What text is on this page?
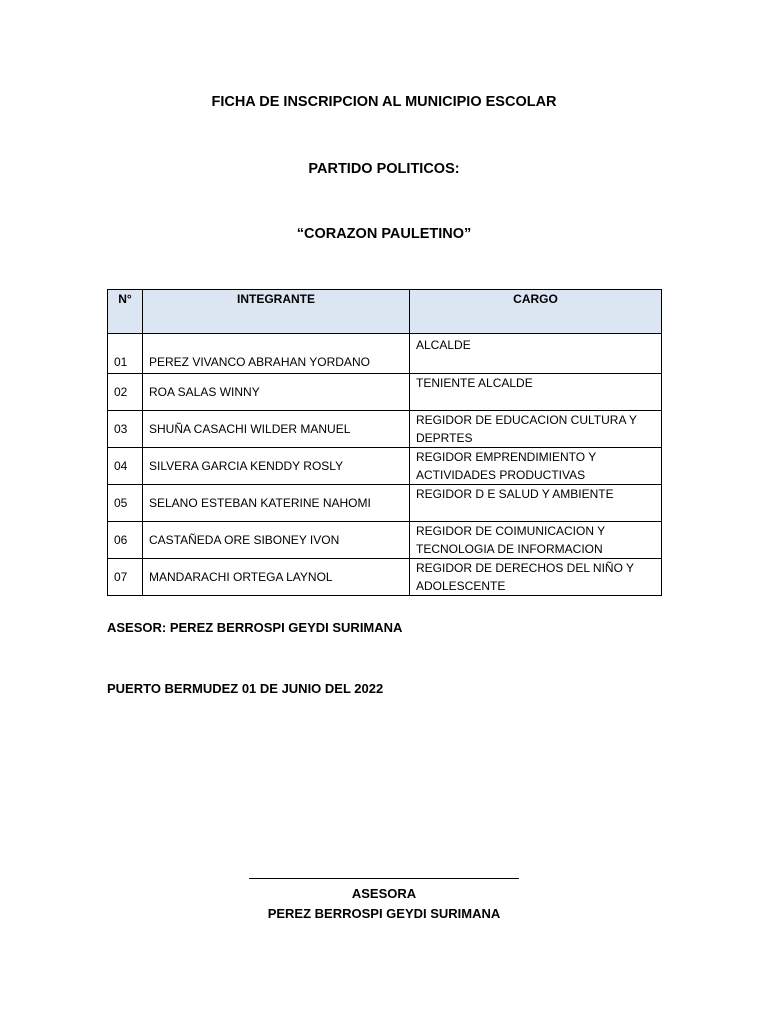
FICHA DE INSCRIPCION AL MUNICIPIO ESCOLAR
PARTIDO POLITICOS:
“CORAZON PAULETINO”
N°	INTEGRANTE	CARGO
01	PEREZ VIVANCO ABRAHAN YORDANO	ALCALDE
02	ROA SALAS WINNY	TENIENTE ALCALDE
03	SHUÑA CASACHI WILDER MANUEL	REGIDOR DE EDUCACION CULTURA Y DEPRTES
04	SILVERA GARCIA KENDDY ROSLY	REGIDOR EMPRENDIMIENTO Y ACTIVIDADES PRODUCTIVAS
05	SELANO ESTEBAN KATERINE NAHOMI	REGIDOR D E SALUD Y AMBIENTE
06	CASTAÑEDA ORE SIBONEY IVON	REGIDOR DE COIMUNICACION Y TECNOLOGIA DE INFORMACION
07	MANDARACHI ORTEGA LAYNOL	REGIDOR DE DERECHOS DEL NIÑO Y ADOLESCENTE
ASESOR: PEREZ BERROSPI GEYDI SURIMANA
PUERTO BERMUDEZ 01 DE JUNIO DEL 2022
ASESORA
PEREZ BERROSPI GEYDI SURIMANA
